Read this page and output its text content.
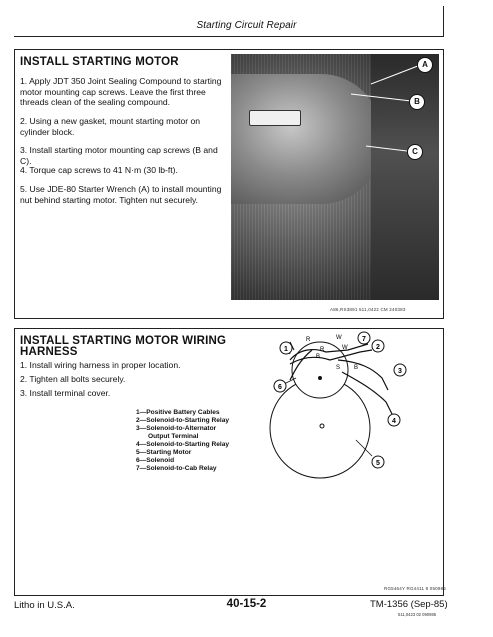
Starting Circuit Repair
INSTALL STARTING MOTOR
1. Apply JDT 350 Joint Sealing Compound to starting motor mounting cap screws. Leave the first three threads clean of the sealing compound.
2. Using a new gasket, mount starting motor on cylinder block.
3. Install starting motor mounting cap screws (B and C).
4. Torque cap screws to 41 N·m (30 lb-ft).
5. Use JDE-80 Starter Wrench (A) to install mounting nut behind starting motor. Tighten nut securely.
A
B
C
A86,RS3891 511,0422 CM 240383
INSTALL STARTING MOTOR WIRING
HARNESS
1. Install wiring harness in proper location.
2. Tighten all bolts securely.
3. Install terminal cover.
1—Positive Battery Cables
2—Solenoid-to-Starting Relay
3—Solenoid-to-Alternator
Output Terminal
4—Solenoid-to-Starting Relay
5—Starting Motor
6—Solenoid
7—Solenoid-to-Cab Relay
R	W
R	W
B
S B
1	2
3
4
5
6
7
RG5464Y RG4411 8 050985
Litho in U.S.A.	40-15-2	TM-1356 (Sep-85)
511,0423 02 090985
